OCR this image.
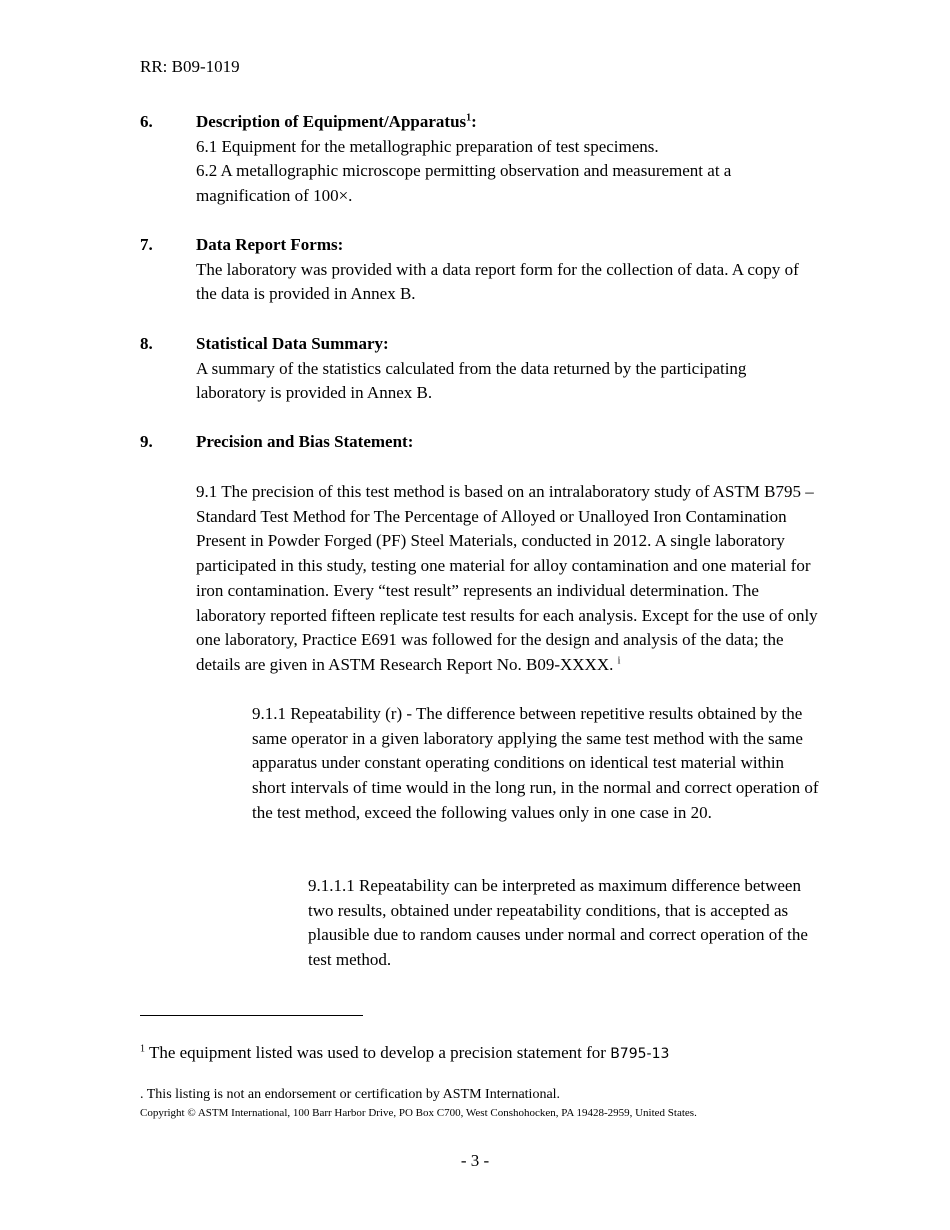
RR: B09-1019
6.	Description of Equipment/Apparatus$^1$:

6.1 Equipment for the metallographic preparation of test specimens.

6.2 A metallographic microscope permitting observation and measurement at a magnification of 100×.

7.	Data Report Forms:

The laboratory was provided with a data report form for the collection of data. A copy of the data is provided in Annex B.

8.	Statistical Data Summary:

A summary of the statistics calculated from the data returned by the participating laboratory is provided in Annex B.

9.	Precision and Bias Statement:

9.1 The precision of this test method is based on an intralaboratory study of ASTM B795 – Standard Test Method for The Percentage of Alloyed or Unalloyed Iron Contamination Present in Powder Forged (PF) Steel Materials, conducted in 2012. A single laboratory participated in this study, testing one material for alloy contamination and one material for iron contamination. Every “test result” represents an individual determination. The laboratory reported fifteen replicate test results for each analysis. Except for the use of only one laboratory, Practice E691 was followed for the design and analysis of the data; the details are given in ASTM Research Report No. B09-XXXX. $^i$

9.1.1 Repeatability (r) - The difference between repetitive results obtained by the same operator in a given laboratory applying the same test method with the same apparatus under constant operating conditions on identical test material within short intervals of time would in the long run, in the normal and correct operation of the test method, exceed the following values only in one case in 20.

9.1.1.1 Repeatability can be interpreted as maximum difference between two results, obtained under repeatability conditions, that is accepted as plausible due to random causes under normal and correct operation of the test method.

$^1$ The equipment listed was used to develop a precision statement for B795-13
. This listing is not an endorsement or certification by ASTM International.
Copyright © ASTM International, 100 Barr Harbor Drive, PO Box C700, West Conshohocken, PA 19428-2959, United States.
- 3 -
